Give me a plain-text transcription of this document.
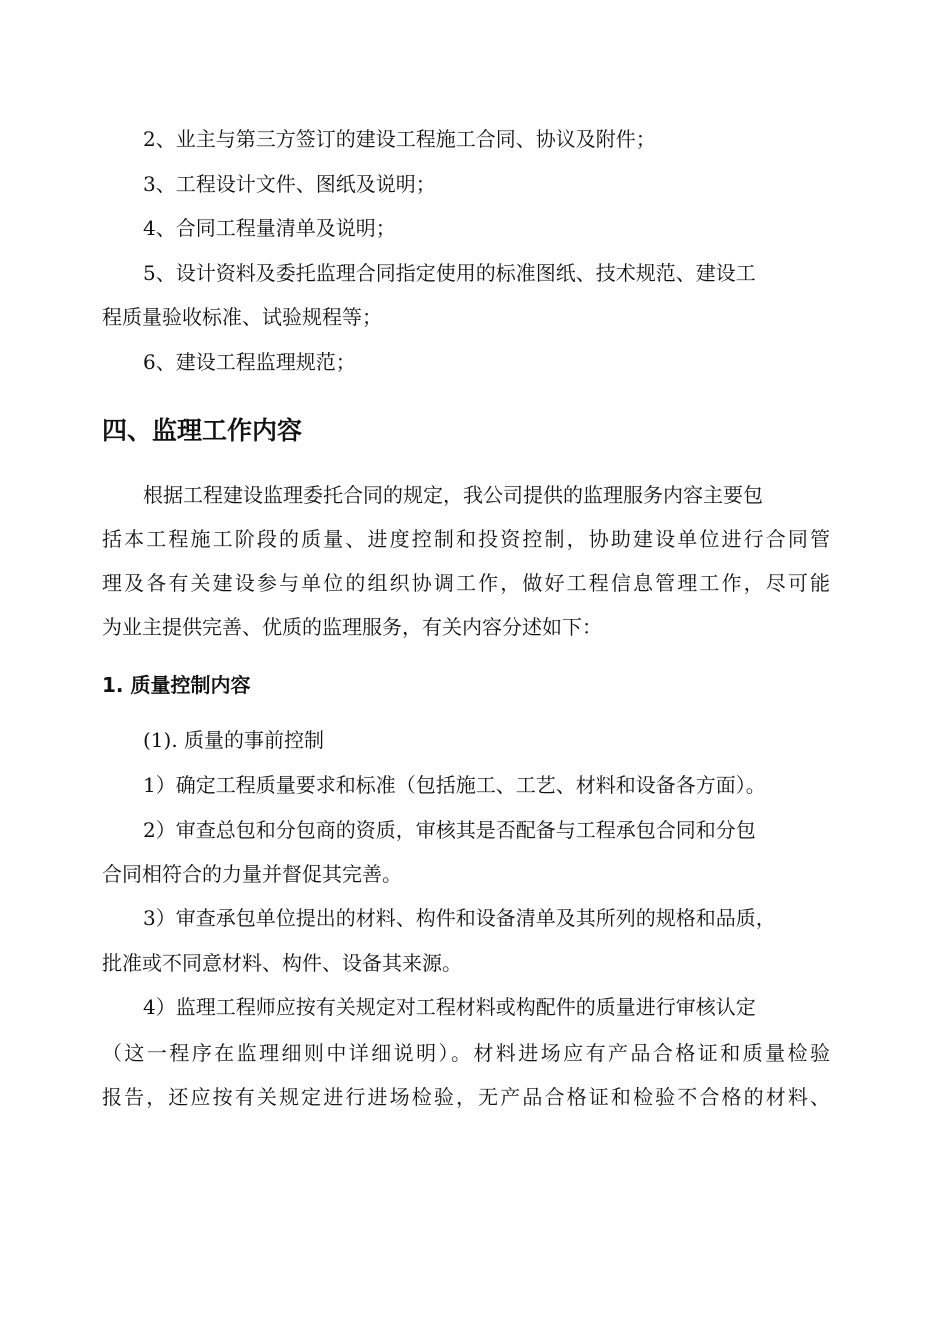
2、业主与第三方签订的建设工程施工合同、协议及附件；
3、工程设计文件、图纸及说明；
4、合同工程量清单及说明；
5、设计资料及委托监理合同指定使用的标准图纸、技术规范、建设工
程质量验收标准、试验规程等；
6、建设工程监理规范；
四、监理工作内容
根据工程建设监理委托合同的规定，我公司提供的监理服务内容主要包
括本工程施工阶段的质量、进度控制和投资控制，协助建设单位进行合同管
理及各有关建设参与单位的组织协调工作，做好工程信息管理工作，尽可能
为业主提供完善、优质的监理服务，有关内容分述如下：
1. 质量控制内容
(1). 质量的事前控制
1）确定工程质量要求和标准（包括施工、工艺、材料和设备各方面）。
2）审查总包和分包商的资质，审核其是否配备与工程承包合同和分包
合同相符合的力量并督促其完善。
3）审查承包单位提出的材料、构件和设备清单及其所列的规格和品质，
批准或不同意材料、构件、设备其来源。
4）监理工程师应按有关规定对工程材料或构配件的质量进行审核认定
（这一程序在监理细则中详细说明）。材料进场应有产品合格证和质量检验
报告，还应按有关规定进行进场检验，无产品合格证和检验不合格的材料、
